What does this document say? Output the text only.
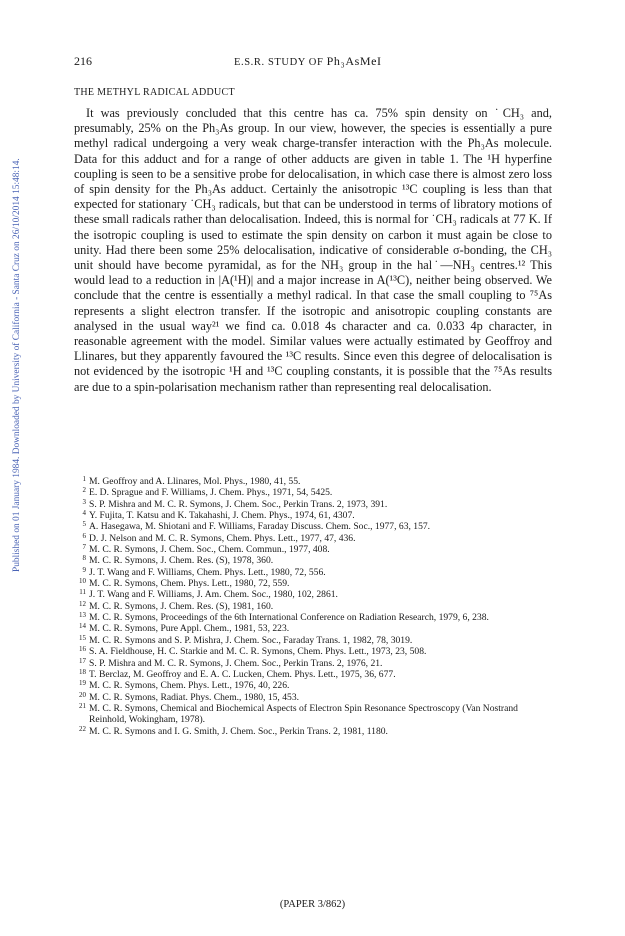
Published on 01 January 1984. Downloaded by University of California - Santa Cruz on 26/10/2014 15:48:14.
216	E.S.R. STUDY OF Ph₃AsMeI
THE METHYL RADICAL ADDUCT

It was previously concluded that this centre has ca. 75% spin density on ˙CH₃ and, presumably, 25% on the Ph₃As group. In our view, however, the species is essentially a pure methyl radical undergoing a very weak charge-transfer interaction with the Ph₃As molecule. Data for this adduct and for a range of other adducts are given in table 1. The ¹H hyperfine coupling is seen to be a sensitive probe for delocalisation, in which case there is almost zero loss of spin density for the Ph₃As adduct. Certainly the anisotropic ¹³C coupling is less than that expected for stationary ˙CH₃ radicals, but that can be understood in terms of libratory motions of these small radicals rather than delocalisation. Indeed, this is normal for ˙CH₃ radicals at 77 K. If the isotropic coupling is used to estimate the spin density on carbon it must again be close to unity. Had there been some 25% delocalisation, indicative of considerable σ-bonding, the CH₃ unit should have become pyramidal, as for the NH₃ group in the hal˙—NH₃ centres.¹² This would lead to a reduction in |A(¹H)| and a major increase in A(¹³C), neither being observed. We conclude that the centre is essentially a methyl radical. In that case the small coupling to ⁷⁵As represents a slight electron transfer. If the isotropic and anisotropic coupling constants are analysed in the usual way²¹ we find ca. 0.018 4s character and ca. 0.033 4p character, in reasonable agreement with the model. Similar values were actually estimated by Geoffroy and Llinares, but they apparently favoured the ¹³C results. Since even this degree of delocalisation is not evidenced by the isotropic ¹H and ¹³C coupling constants, it is possible that the ⁷⁵As results are due to a spin-polarisation mechanism rather than representing real delocalisation.

1 M. Geoffroy and A. Llinares, Mol. Phys., 1980, 41, 55.
2 E. D. Sprague and F. Williams, J. Chem. Phys., 1971, 54, 5425.
3 S. P. Mishra and M. C. R. Symons, J. Chem. Soc., Perkin Trans. 2, 1973, 391.
4 Y. Fujita, T. Katsu and K. Takahashi, J. Chem. Phys., 1974, 61, 4307.
5 A. Hasegawa, M. Shiotani and F. Williams, Faraday Discuss. Chem. Soc., 1977, 63, 157.
6 D. J. Nelson and M. C. R. Symons, Chem. Phys. Lett., 1977, 47, 436.
7 M. C. R. Symons, J. Chem. Soc., Chem. Commun., 1977, 408.
8 M. C. R. Symons, J. Chem. Res. (S), 1978, 360.
9 J. T. Wang and F. Williams, Chem. Phys. Lett., 1980, 72, 556.
10 M. C. R. Symons, Chem. Phys. Lett., 1980, 72, 559.
11 J. T. Wang and F. Williams, J. Am. Chem. Soc., 1980, 102, 2861.
12 M. C. R. Symons, J. Chem. Res. (S), 1981, 160.
13 M. C. R. Symons, Proceedings of the 6th International Conference on Radiation Research, 1979, 6, 238.
14 M. C. R. Symons, Pure Appl. Chem., 1981, 53, 223.
15 M. C. R. Symons and S. P. Mishra, J. Chem. Soc., Faraday Trans. 1, 1982, 78, 3019.
16 S. A. Fieldhouse, H. C. Starkie and M. C. R. Symons, Chem. Phys. Lett., 1973, 23, 508.
17 S. P. Mishra and M. C. R. Symons, J. Chem. Soc., Perkin Trans. 2, 1976, 21.
18 T. Berclaz, M. Geoffroy and E. A. C. Lucken, Chem. Phys. Lett., 1975, 36, 677.
19 M. C. R. Symons, Chem. Phys. Lett., 1976, 40, 226.
20 M. C. R. Symons, Radiat. Phys. Chem., 1980, 15, 453.
21 M. C. R. Symons, Chemical and Biochemical Aspects of Electron Spin Resonance Spectroscopy (Van Nostrand Reinhold, Wokingham, 1978).
22 M. C. R. Symons and I. G. Smith, J. Chem. Soc., Perkin Trans. 2, 1981, 1180.
(PAPER 3/862)
